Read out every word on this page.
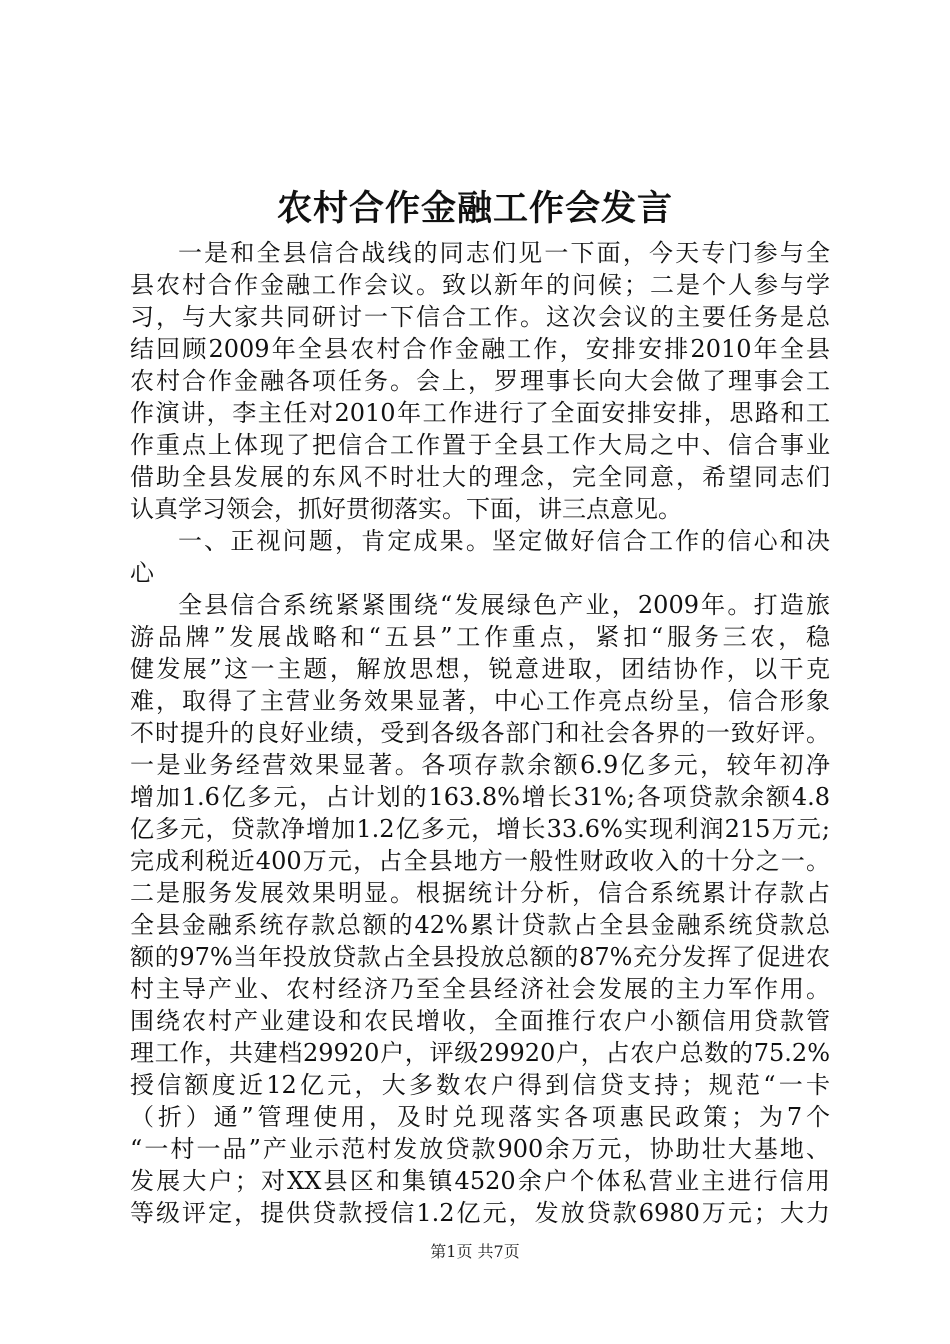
农村合作金融工作会发言
一是和全县信合战线的同志们见一下面，今天专门参与全
县农村合作金融工作会议。致以新年的问候；二是个人参与学
习，与大家共同研讨一下信合工作。这次会议的主要任务是总
结回顾2009年全县农村合作金融工作，安排安排2010年全县
农村合作金融各项任务。会上，罗理事长向大会做了理事会工
作演讲，李主任对2010年工作进行了全面安排安排，思路和工
作重点上体现了把信合工作置于全县工作大局之中、信合事业
借助全县发展的东风不时壮大的理念，完全同意，希望同志们
认真学习领会，抓好贯彻落实。下面，讲三点意见。
一、正视问题，肯定成果。坚定做好信合工作的信心和决
心
全县信合系统紧紧围绕“发展绿色产业，2009年。打造旅
游品牌”发展战略和“五县”工作重点，紧扣“服务三农，稳
健发展”这一主题，解放思想，锐意进取，团结协作，以干克
难，取得了主营业务效果显著，中心工作亮点纷呈，信合形象
不时提升的良好业绩，受到各级各部门和社会各界的一致好评。
一是业务经营效果显著。各项存款余额6.9亿多元，较年初净
增加1.6亿多元，占计划的163.8%增长31%;各项贷款余额4.8
亿多元，贷款净增加1.2亿多元，增长33.6%实现利润215万元;
完成利税近400万元，占全县地方一般性财政收入的十分之一。
二是服务发展效果明显。根据统计分析，信合系统累计存款占
全县金融系统存款总额的42%累计贷款占全县金融系统贷款总
额的97%当年投放贷款占全县投放总额的87%充分发挥了促进农
村主导产业、农村经济乃至全县经济社会发展的主力军作用。
围绕农村产业建设和农民增收，全面推行农户小额信用贷款管
理工作，共建档29920户，评级29920户，占农户总数的75.2%
授信额度近12亿元，大多数农户得到信贷支持；规范“一卡
（折）通”管理使用，及时兑现落实各项惠民政策；为7个
“一村一品”产业示范村发放贷款900余万元，协助壮大基地、
发展大户；对XX县区和集镇4520余户个体私营业主进行信用
等级评定，提供贷款授信1.2亿元，发放贷款6980万元；大力
第1页 共7页
